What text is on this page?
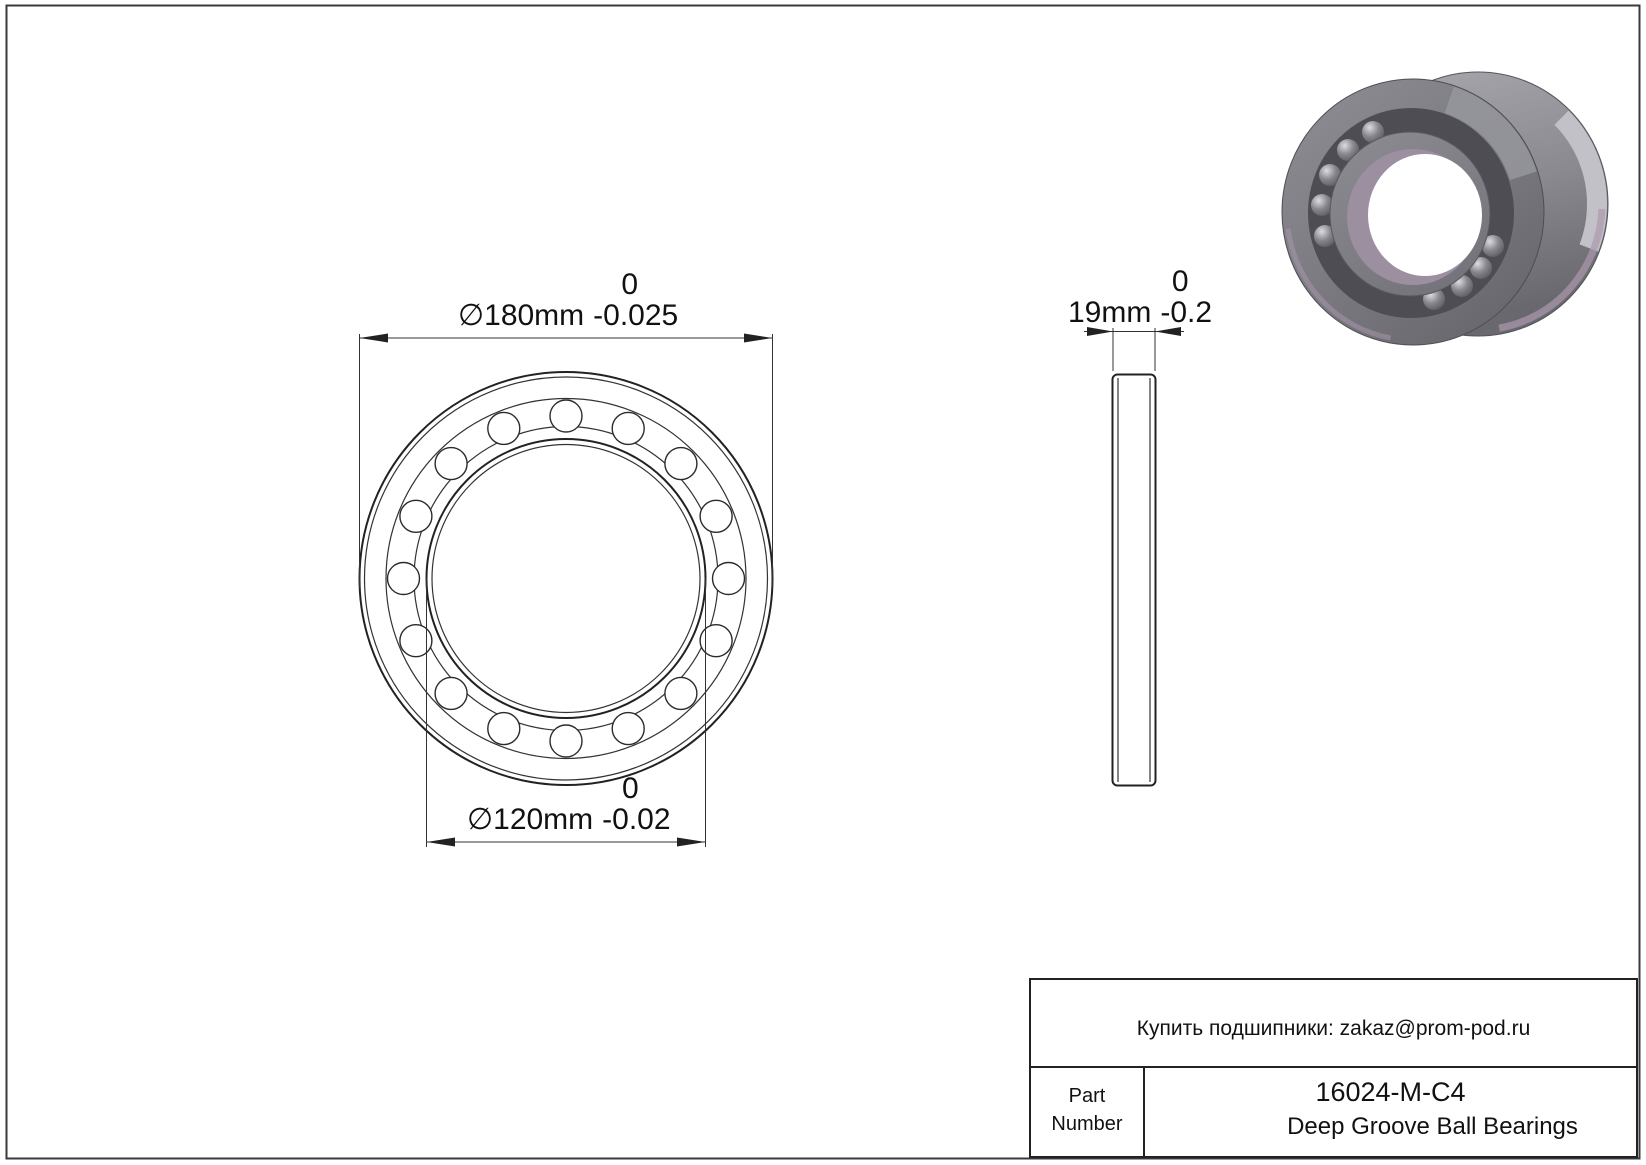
∅180mm
0
-0.025
∅120mm
0
-0.02
19mm
0
-0.2
Купить подшипники: zakaz@prom-pod.ru
Part Number
16024-M-C4
Deep Groove Ball Bearings
